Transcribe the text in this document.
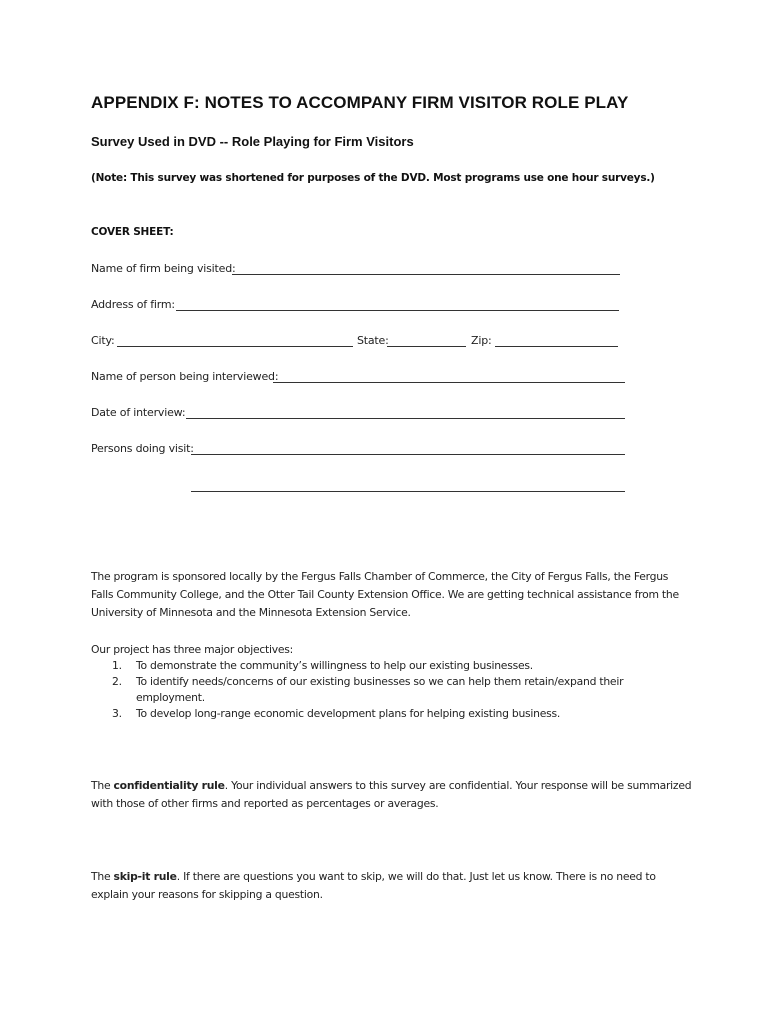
APPENDIX F: NOTES TO ACCOMPANY FIRM VISITOR ROLE PLAY
Survey Used in DVD -- Role Playing for Firm Visitors
(Note: This survey was shortened for purposes of the DVD. Most programs use one hour surveys.)
COVER SHEET:
Name of firm being visited:
Address of firm:
City:	State:	Zip:
Name of person being interviewed:
Date of interview:
Persons doing visit:
The program is sponsored locally by the Fergus Falls Chamber of Commerce, the City of Fergus Falls, the Fergus
Falls Community College, and the Otter Tail County Extension Office. We are getting technical assistance from the
University of Minnesota and the Minnesota Extension Service.
Our project has three major objectives:
1. To demonstrate the community’s willingness to help our existing businesses.
2. To identify needs/concerns of our existing businesses so we can help them retain/expand their
employment.
3. To develop long-range economic development plans for helping existing business.
The confidentiality rule. Your individual answers to this survey are confidential. Your response will be summarized
with those of other firms and reported as percentages or averages.
The skip-it rule. If there are questions you want to skip, we will do that. Just let us know. There is no need to
explain your reasons for skipping a question.
